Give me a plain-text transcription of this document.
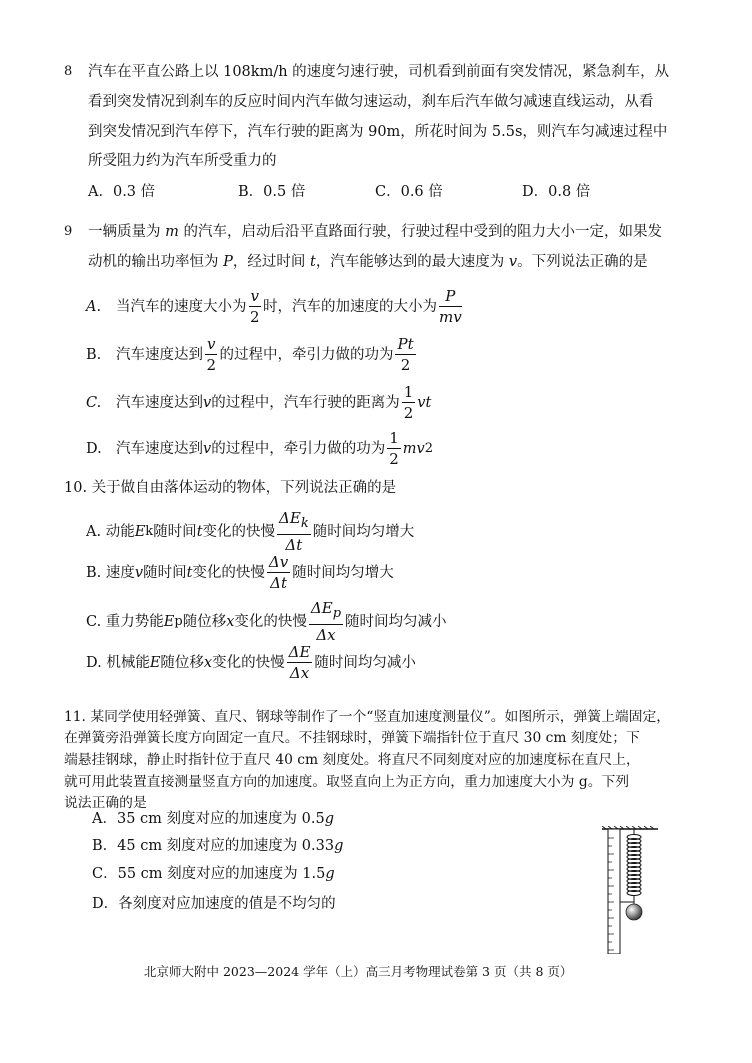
8 汽车在平直公路上以 108km/h 的速度匀速行驶，司机看到前面有突发情况，紧急刹车，从
看到突发情况到刹车的反应时间内汽车做匀速运动，刹车后汽车做匀减速直线运动，从看
到突发情况到汽车停下，汽车行驶的距离为 90m，所花时间为 5.5s，则汽车匀减速过程中
所受阻力约为汽车所受重力的
A．0.3 倍	B．0.5 倍	C．0.6 倍	D．0.8 倍
9 一辆质量为 m 的汽车，启动后沿平直路面行驶，行驶过程中受到的阻力大小一定，如果发
动机的输出功率恒为 P，经过时间 t，汽车能够达到的最大速度为 v。下列说法正确的是
A.	当汽车的速度大小为 $\frac{v}{2}$ 时，汽车的加速度的大小为 $\frac{P}{mv}$
B.	汽车速度达到 $\frac{v}{2}$ 的过程中，牵引力做的功为 $\frac{Pt}{2}$
C.	汽车速度达到 v 的过程中，汽车行驶的距离为 $\frac{1}{2}$ vt
D. 汽车速度达到 v 的过程中，牵引力做的功为 $\frac{1}{2}$ mv 2
10. 关于做自由落体运动的物体，下列说法正确的是
A. 动能 E k 随时间 t 变化的快慢 $\frac{\Delta E_k}{\Delta t}$ 随时间均匀增大
B. 速度 v 随时间 t 变化的快慢 $\frac{\Delta v}{\Delta t}$ 随时间均匀增大
C. 重力势能 E p 随位移 x 变化的快慢 $\frac{\Delta E_p}{\Delta x}$ 随时间均匀减小
D. 机械能 E 随位移 x 变化的快慢 $\frac{\Delta E}{\Delta x}$ 随时间均匀减小
11. 某同学使用轻弹簧、直尺、钢球等制作了一个“竖直加速度测量仪”。如图所示，弹簧上端固定，
在弹簧旁沿弹簧长度方向固定一直尺。不挂钢球时，弹簧下端指针位于直尺 30 cm 刻度处；下
端悬挂钢球，静止时指针位于直尺 40 cm 刻度处。将直尺不同刻度对应的加速度标在直尺上，
就可用此装置直接测量竖直方向的加速度。取竖直向上为正方向，重力加速度大小为 g。下列
说法正确的是
A．35 cm 刻度对应的加速度为 0.5g
B．45 cm 刻度对应的加速度为 0.33g
C．55 cm 刻度对应的加速度为 1.5g
D．各刻度对应加速度的值是不均匀的
北京师大附中 2023—2024 学年（上）高三月考物理试卷第 3 页（共 8 页）
